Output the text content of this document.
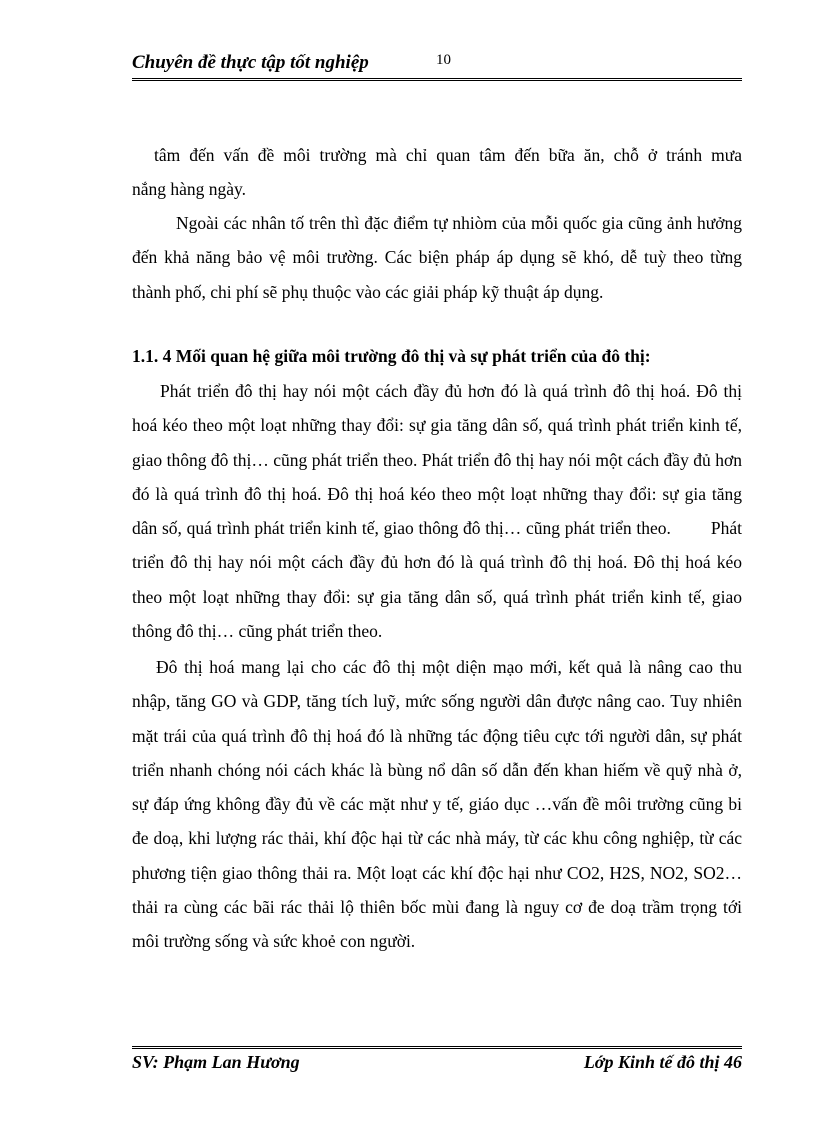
Chuyên đề thực tập tốt nghiệp	10

tâm đến vấn đề môi trường mà chỉ quan tâm đến bữa ăn, chỗ ở tránh mưa
nắng hàng ngày.

Ngoài các nhân tố trên thì đặc điểm tự nhiòm của mỗi quốc gia cũng ảnh hưởng đến khả năng bảo vệ môi trường. Các biện pháp áp dụng sẽ khó, dễ tuỳ theo từng thành phố, chi phí sẽ phụ thuộc vào các giải pháp kỹ thuật áp dụng.

1.1. 4 Mối quan hệ giữa môi trường đô thị và sự phát triển của đô thị:

Phát triển đô thị hay nói một cách đầy đủ hơn đó là quá trình đô thị hoá. Đô thị hoá kéo theo một loạt những thay đổi: sự gia tăng dân số, quá trình phát triển kinh tế, giao thông đô thị… cũng phát triển theo. Phát triển đô thị hay nói một cách đầy đủ hơn đó là quá trình đô thị hoá. Đô thị hoá kéo theo một loạt những thay đổi: sự gia tăng dân số, quá trình phát triển kinh tế, giao thông đô thị… cũng phát triển theo. Phát triển đô thị hay nói một cách đầy đủ hơn đó là quá trình đô thị hoá. Đô thị hoá kéo theo một loạt những thay đổi: sự gia tăng dân số, quá trình phát triển kinh tế, giao thông đô thị… cũng phát triển theo.

Đô thị hoá mang lại cho các đô thị một diện mạo mới, kết quả là nâng cao thu nhập, tăng GO và GDP, tăng tích luỹ, mức sống người dân được nâng cao. Tuy nhiên mặt trái của quá trình đô thị hoá đó là những tác động tiêu cực tới người dân, sự phát triển nhanh chóng nói cách khác là bùng nổ dân số dẫn đến khan hiếm về quỹ nhà ở, sự đáp ứng không đầy đủ về các mặt như y tế, giáo dục …vấn đề môi trường cũng bi đe doạ, khi lượng rác thải, khí độc hại từ các nhà máy, từ các khu công nghiệp, từ các phương tiện giao thông thải ra. Một loạt các khí độc hại như CO2, H2S, NO2, SO2… thải ra cùng các bãi rác thải lộ thiên bốc mùi đang là nguy cơ đe doạ trầm trọng tới môi trường sống và sức khoẻ con người.

SV: Phạm Lan Hương	Lớp Kinh tế đô thị 46
